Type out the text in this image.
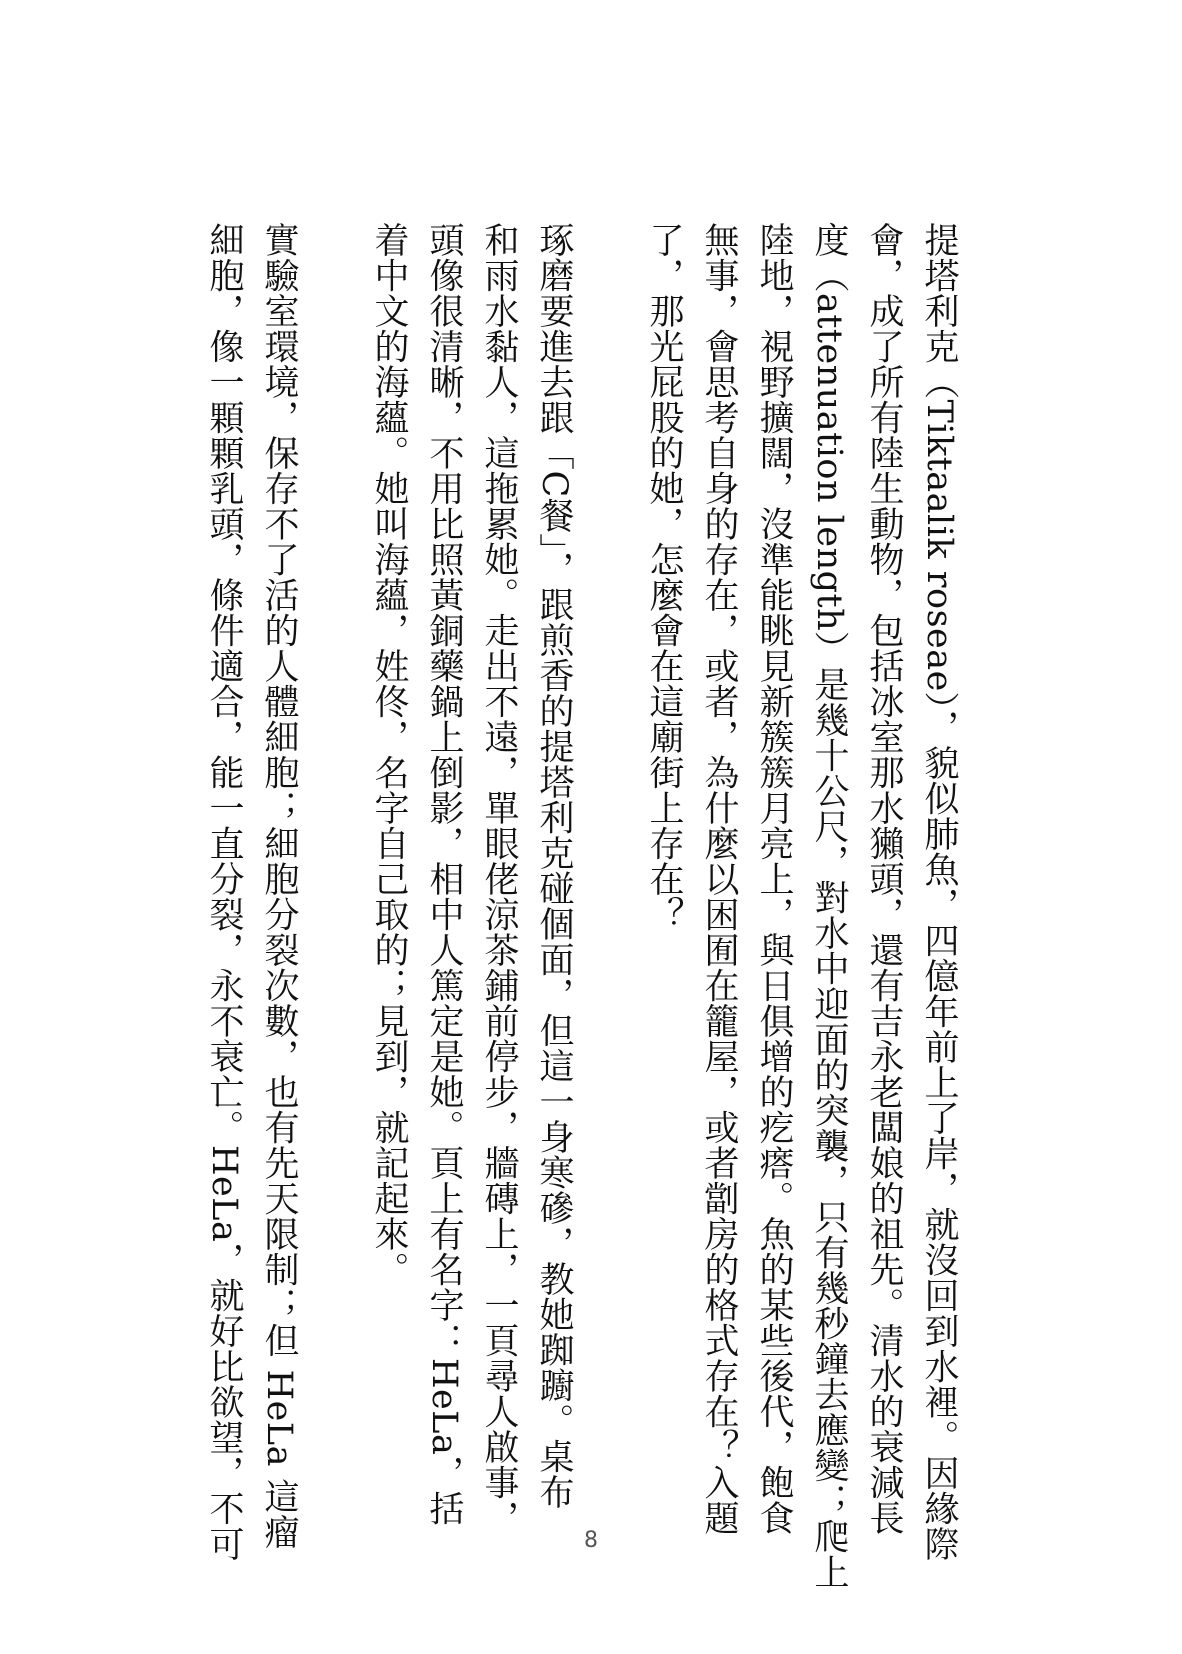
提塔利克（Tiktaalik roseae），貌似肺魚，四億年前上了岸，就沒回到水裡。因緣際
會，成了所有陸生動物，包括冰室那水獺頭，還有吉永老闆娘的祖先。清水的衰減長
度（attenuation length）是幾十公尺，對水中迎面的突襲，只有幾秒鐘去應變；爬上
陸地，視野擴闊，沒準能眺見新簇簇月亮上，與日俱增的疙瘩。魚的某些後代，飽食
無事，會思考自身的存在，或者，為什麼以困囿在籠屋，或者劏房的格式存在？入題
了，那光屁股的她，怎麼會在這廟街上存在？

琢磨要進去跟「C餐」，跟煎香的提塔利克碰個面，但這一身寒磣，教她踟躕。桌布
和雨水黏人，這拖累她。走出不遠，單眼佬涼茶鋪前停步，牆磚上，一頁尋人啟事，
頭像很清晰，不用比照黃銅藥鍋上倒影，相中人篤定是她。頁上有名字：HeLa，括
着中文的海蘊。她叫海蘊，姓佟，名字自己取的；見到，就記起來。

實驗室環境，保存不了活的人體細胞；細胞分裂次數，也有先天限制；但 HeLa 這瘤
細胞，像一顆顆乳頭，條件適合，能一直分裂，永不衰亡。HeLa，就好比欲望，不可	8
